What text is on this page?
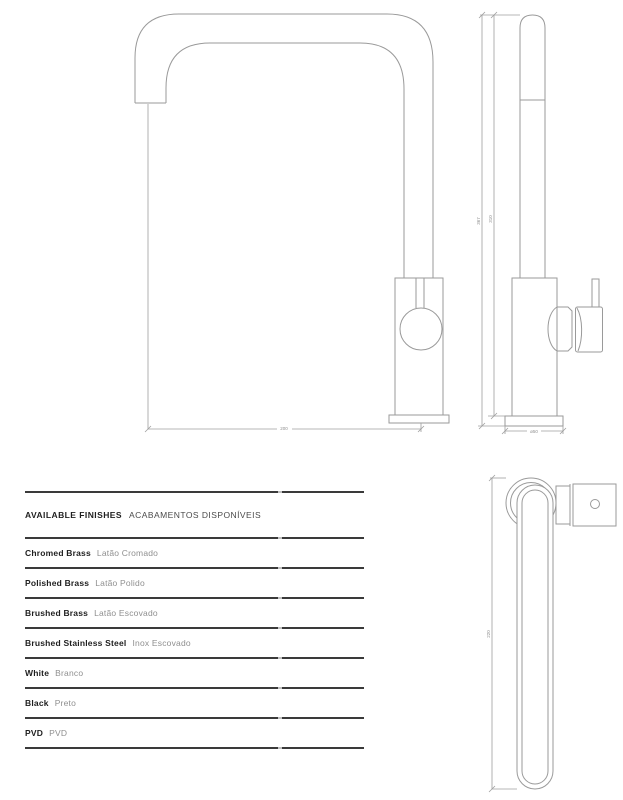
200
367 310
ø50
220
AVAILABLE FINISHES ACABAMENTOS DISPONÍVEIS
Chromed Brass Latão Cromado
Polished Brass Latão Polido
Brushed Brass Latão Escovado
Brushed Stainless Steel Inox Escovado
White Branco
Black Preto
PVD PVD
